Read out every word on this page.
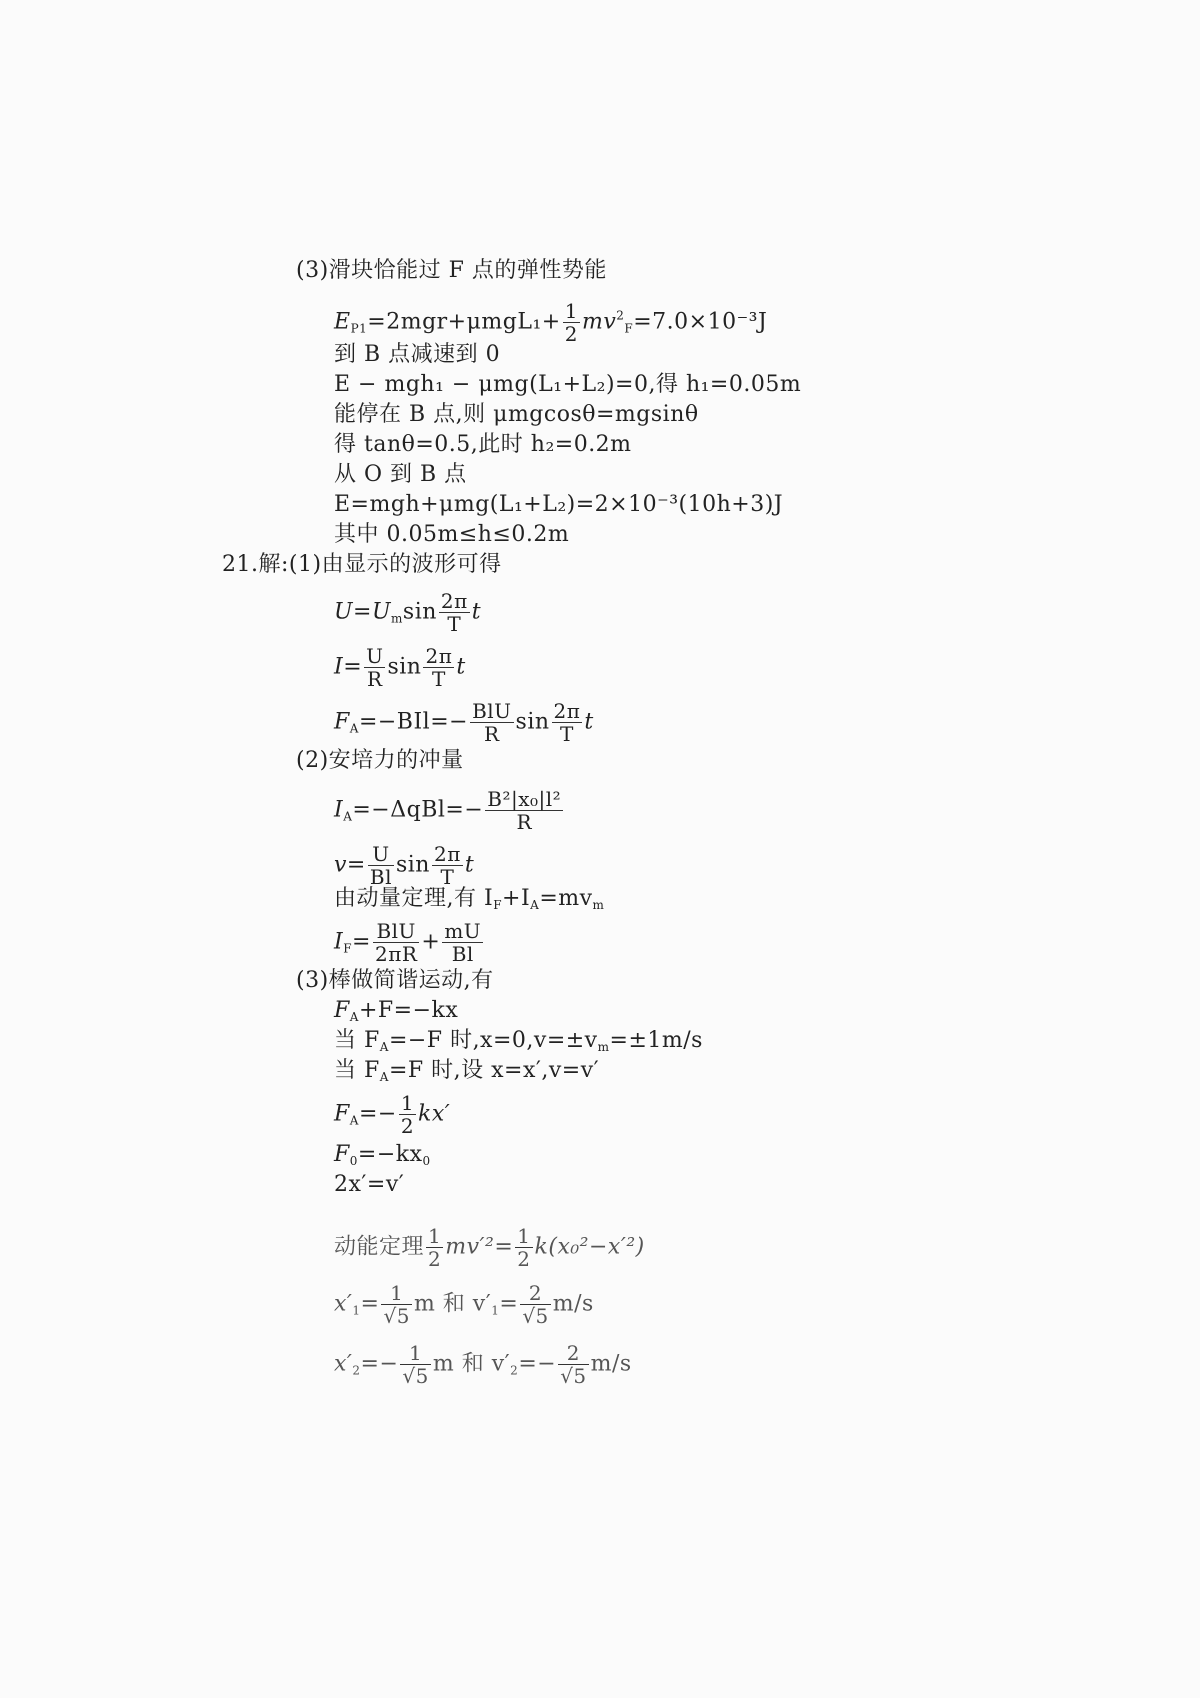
(3)滑块恰能过 F 点的弹性势能
$E_{P1}=2mgr+\mu mgL_1+ \frac{1}{2} mv^2_F=7.0\times 10^{-3}J$
到 B 点减速到 0
E − mgh₁ − μmg(L₁+L₂)=0,得 h₁=0.05m
能停在 B 点,则 μmgcosθ=mgsinθ
得 tanθ=0.5,此时 h₂=0.2m
从 O 到 B 点
E=mgh+μmg(L₁+L₂)=2×10⁻³(10h+3)J
其中 0.05m≤h≤0.2m
21.解:(1)由显示的波形可得
$U=U_m\sin \frac{2\pi}{T}$ t
$I= \frac{U}{R}$ $\sin \frac{2\pi}{T}$ t
$F_A=-BIl=- \frac{\text{BlU}}{R}$ $\sin \frac{2\pi}{T}$ t
(2)安培力的冲量
$I_A=-\Delta qBl=- \frac{\text{B²|x₀|l²}}{R}$
$v= \frac{U}{Bl}$ $\sin \frac{2\pi}{T}$ t
由动量定理,有 $I_F+I_A=mv_m$
$I_F= \frac{\text{BlU}}{2\pi R} + \frac{mU}{Bl}$
(3)棒做简谐运动,有
$F_A+F=-kx$
当 $F_A=-F$ 时$,x=0,v=\pm v_m=\pm 1m/s$
当 $F_A=F$ 时,设 x=x′,v=v′
$F_A=- \frac{1}{2} kx'$
$F_0=-kx_0$
2x′=v′
动能定理 $\frac{1}{2} mv'^2= \frac{1}{2} k(x_0^2-x'^2)$
$x'_1= \frac{1}{√5}$ m 和 $v'_1= \frac{2}{√5} m/s$
$x'_2=- \frac{1}{√5}$ m 和 $v'_2=- \frac{2}{√5} m/s$
